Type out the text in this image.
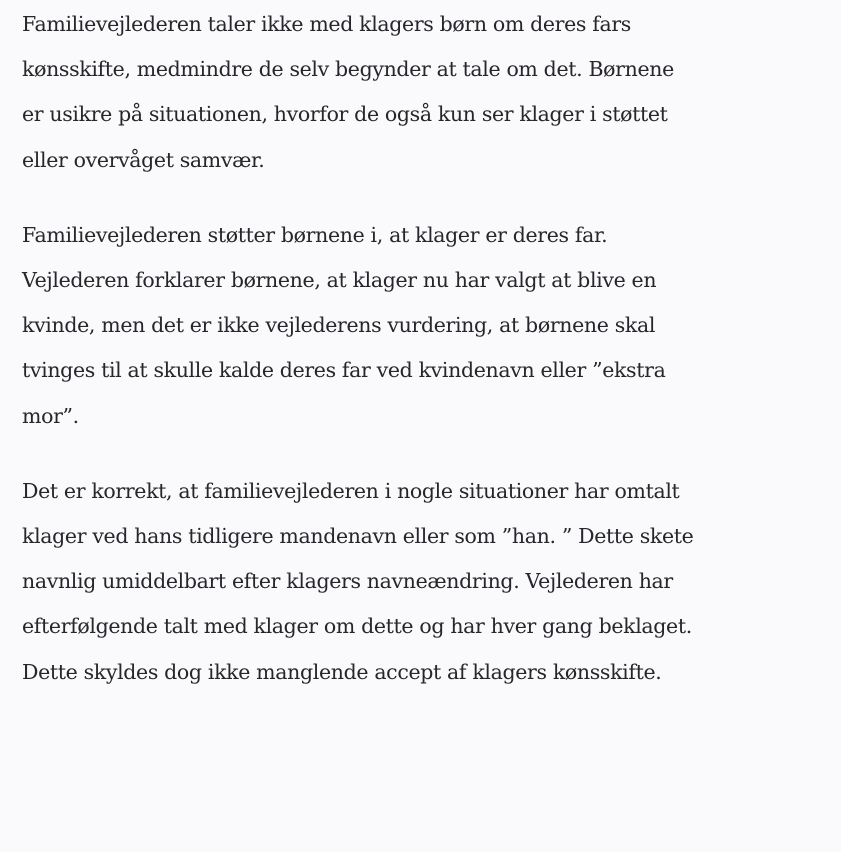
Familievejlederen taler ikke med klagers børn om deres fars
kønsskifte, medmindre de selv begynder at tale om det. Børnene
er usikre på situationen, hvorfor de også kun ser klager i støttet
eller overvåget samvær.

Familievejlederen støtter børnene i, at klager er deres far.
Vejlederen forklarer børnene, at klager nu har valgt at blive en
kvinde, men det er ikke vejlederens vurdering, at børnene skal
tvinges til at skulle kalde deres far ved kvindenavn eller ”ekstra
mor”.

Det er korrekt, at familievejlederen i nogle situationer har omtalt
klager ved hans tidligere mandenavn eller som ”han. ” Dette skete
navnlig umiddelbart efter klagers navneændring. Vejlederen har
efterfølgende talt med klager om dette og har hver gang beklaget.
Dette skyldes dog ikke manglende accept af klagers kønsskifte.
